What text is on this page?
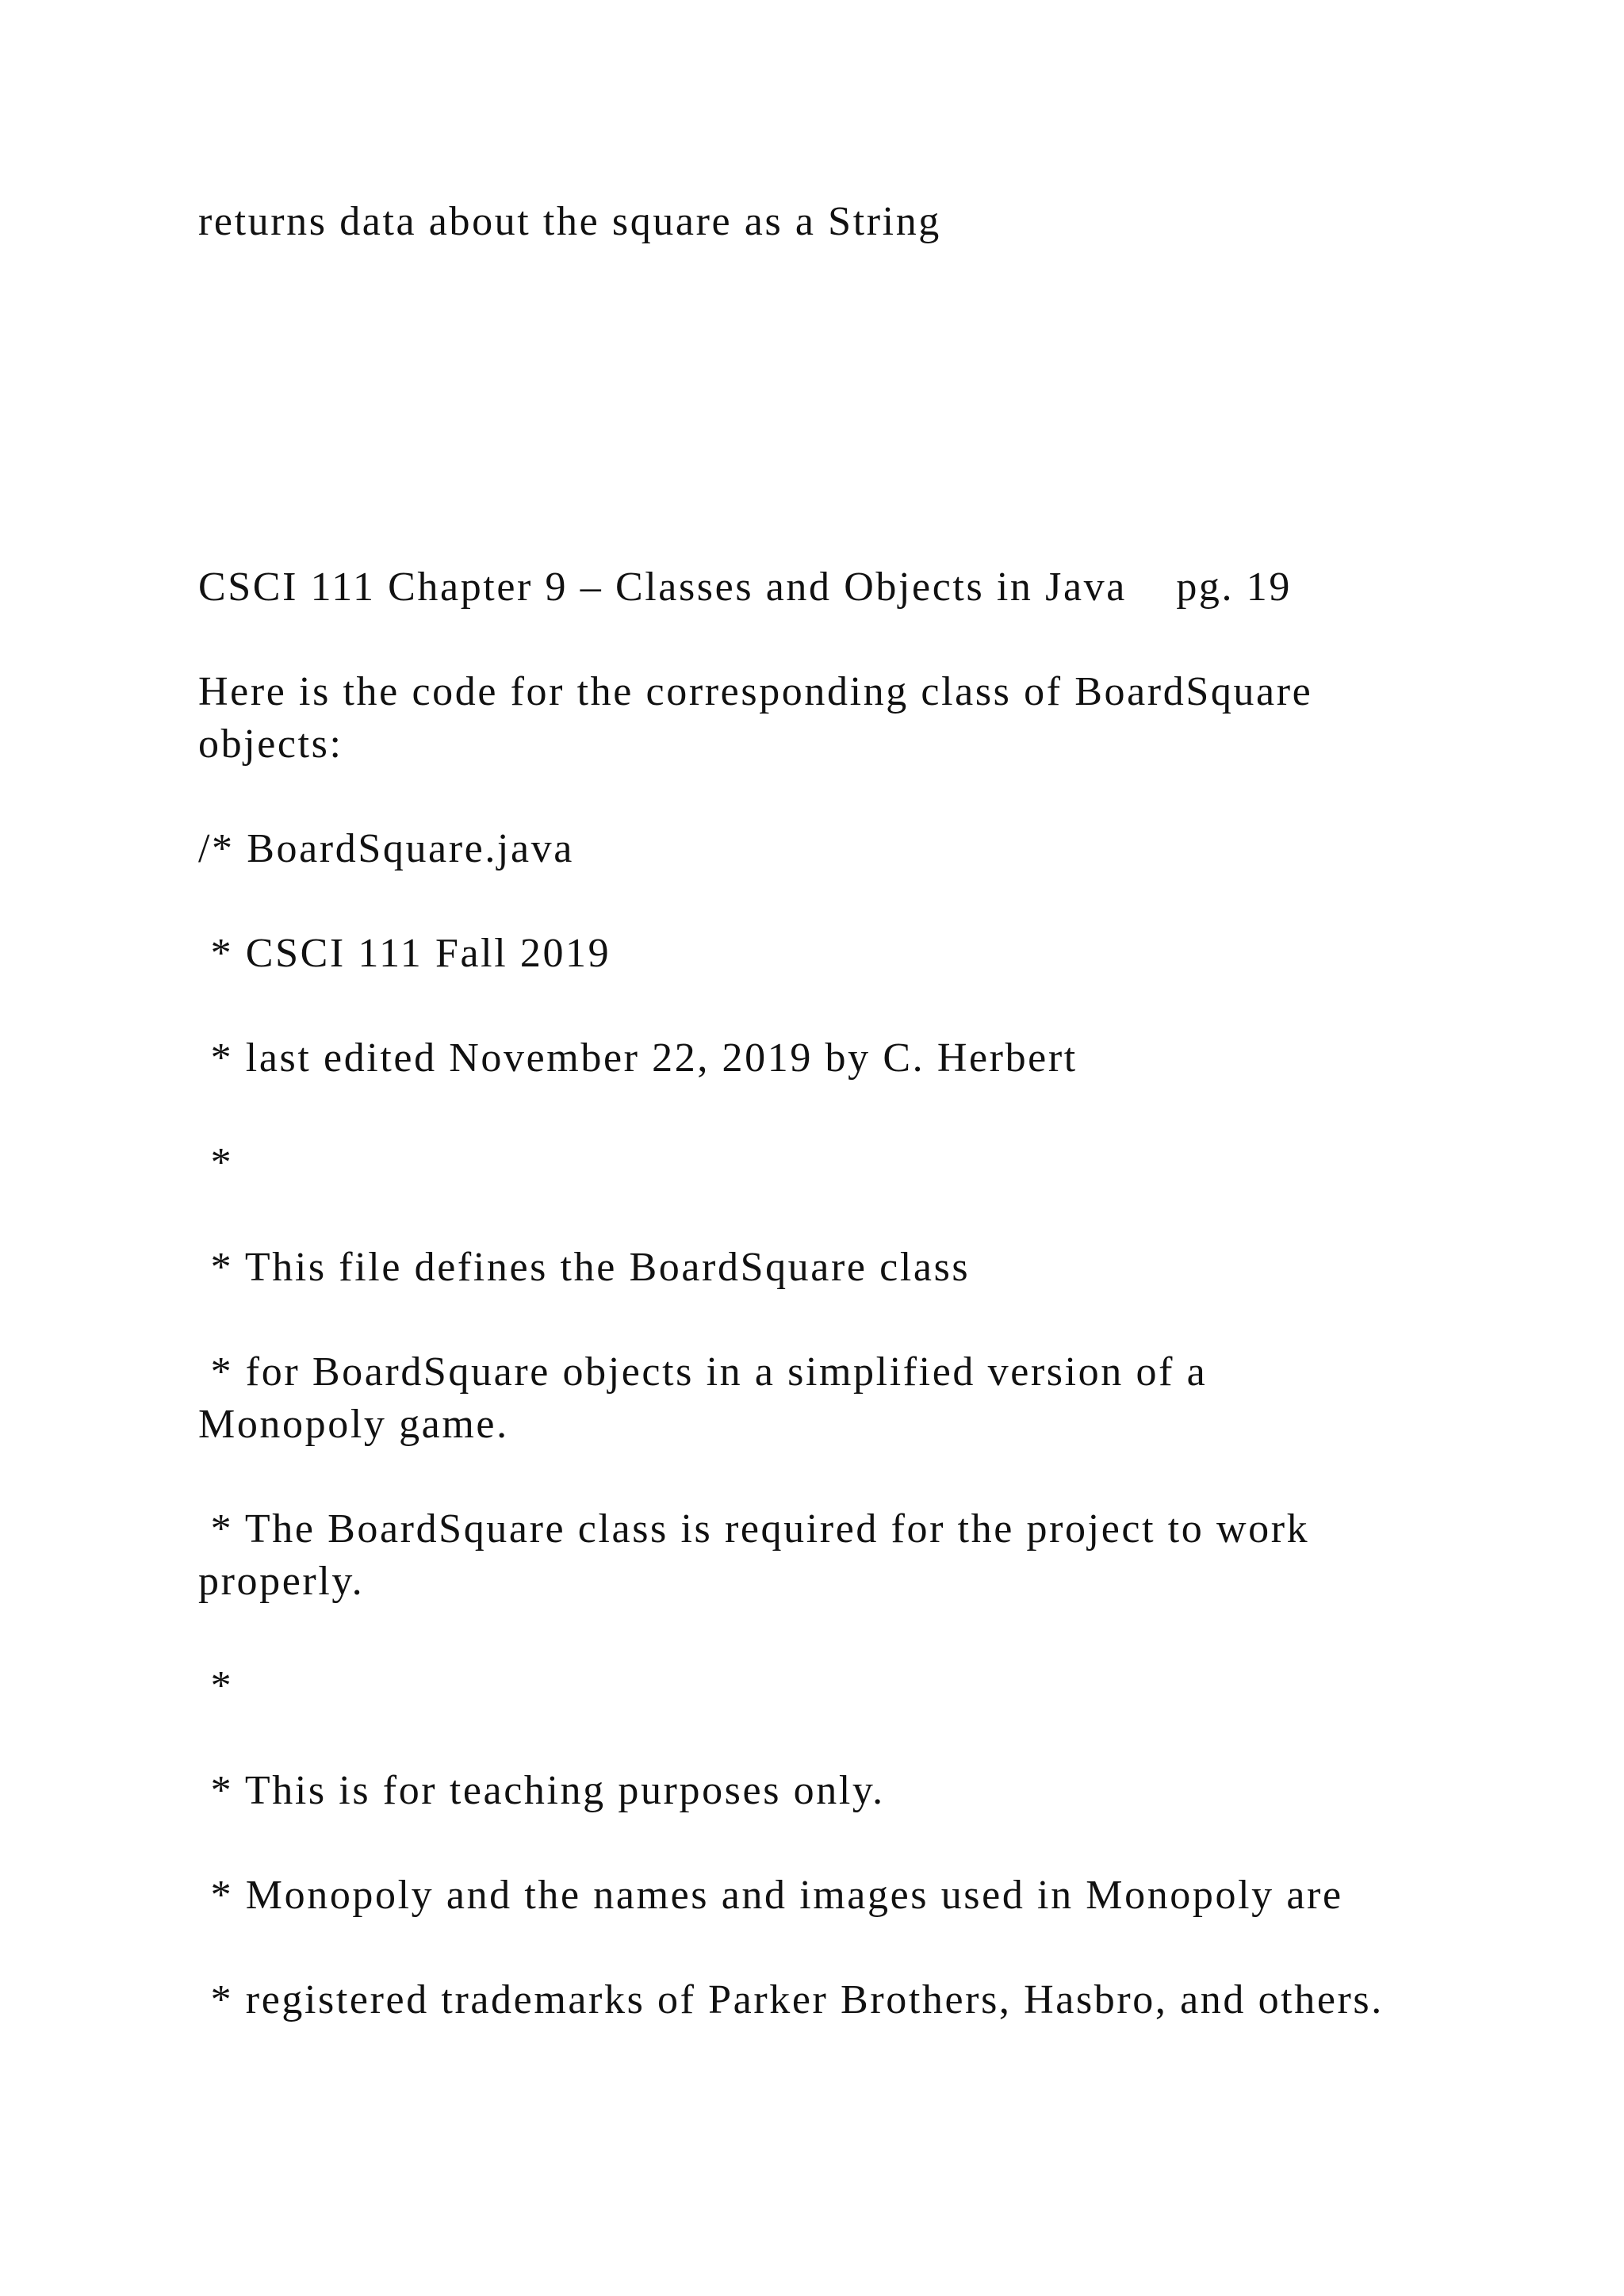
returns data about the square as a String

CSCI 111 Chapter 9 – Classes and Objects in Java    pg. 19

Here is the code for the corresponding class of BoardSquare

objects:

/* BoardSquare.java

* CSCI 111 Fall 2019

* last edited November 22, 2019 by C. Herbert

*

* This file defines the BoardSquare class

* for BoardSquare objects in a simplified version of a

Monopoly game.

* The BoardSquare class is required for the project to work

properly.

*

* This is for teaching purposes only.

* Monopoly and the names and images used in Monopoly are

* registered trademarks of Parker Brothers, Hasbro, and others.
